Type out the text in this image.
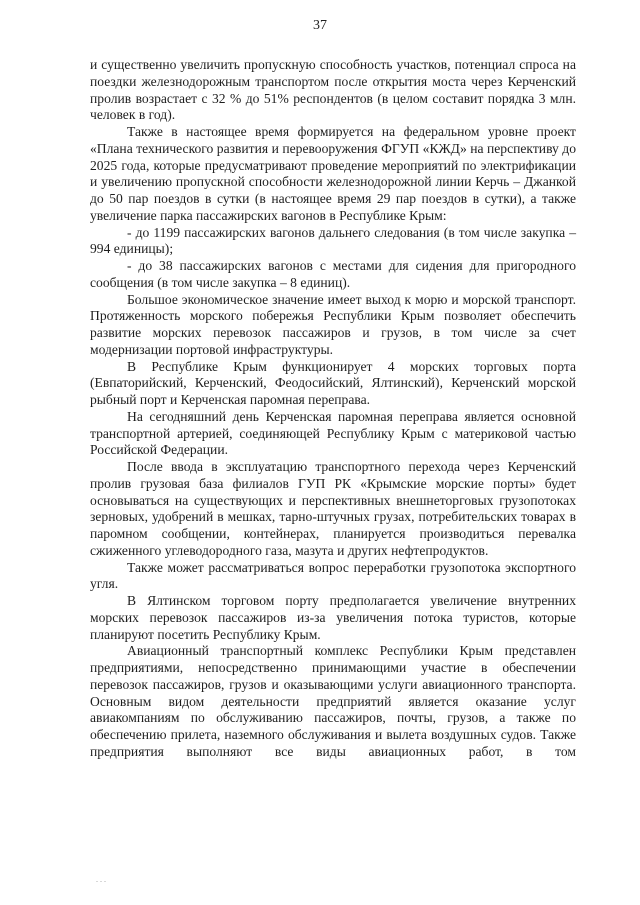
37

и существенно увеличить пропускную способность участков, потенциал спроса на поездки железнодорожным транспортом после открытия моста через Керченский пролив возрастает с 32 % до 51% респондентов (в целом составит порядка 3 млн. человек в год).

Также в настоящее время формируется на федеральном уровне проект «Плана технического развития и перевооружения ФГУП «КЖД» на перспективу до 2025 года, которые предусматривают проведение мероприятий по электрификации и увеличению пропускной способности железнодорожной линии Керчь – Джанкой до 50 пар поездов в сутки (в настоящее время 29 пар поездов в сутки), а также увеличение парка пассажирских вагонов в Республике Крым:

- до 1199 пассажирских вагонов дальнего следования (в том числе закупка – 994 единицы);

- до 38 пассажирских вагонов с местами для сидения для пригородного сообщения (в том числе закупка – 8 единиц).

Большое экономическое значение имеет выход к морю и морской транспорт. Протяженность морского побережья Республики Крым позволяет обеспечить развитие морских перевозок пассажиров и грузов, в том числе за счет модернизации портовой инфраструктуры.

В Республике Крым функционирует 4 морских торговых порта (Евпаторийский, Керченский, Феодосийский, Ялтинский), Керченский морской рыбный порт и Керченская паромная переправа.

На сегодняшний день Керченская паромная переправа является основной транспортной артерией, соединяющей Республику Крым с материковой частью Российской Федерации.

После ввода в эксплуатацию транспортного перехода через Керченский пролив грузовая база филиалов ГУП РК «Крымские морские порты» будет основываться на существующих и перспективных внешнеторговых грузопотоках зерновых, удобрений в мешках, тарно-штучных грузах, потребительских товарах в паромном сообщении, контейнерах, планируется производиться перевалка сжиженного углеводородного газа, мазута и других нефтепродуктов.

Также может рассматриваться вопрос переработки грузопотока экспортного угля.

В Ялтинском торговом порту предполагается увеличение внутренних морских перевозок пассажиров из-за увеличения потока туристов, которые планируют посетить Республику Крым.

Авиационный транспортный комплекс Республики Крым представлен предприятиями, непосредственно принимающими участие в обеспечении перевозок пассажиров, грузов и оказывающими услуги авиационного транспорта. Основным видом деятельности предприятий является оказание услуг авиакомпаниям по обслуживанию пассажиров, почты, грузов, а также по обеспечению прилета, наземного обслуживания и вылета воздушных судов. Также предприятия выполняют все виды авиационных работ, в том

. . .
